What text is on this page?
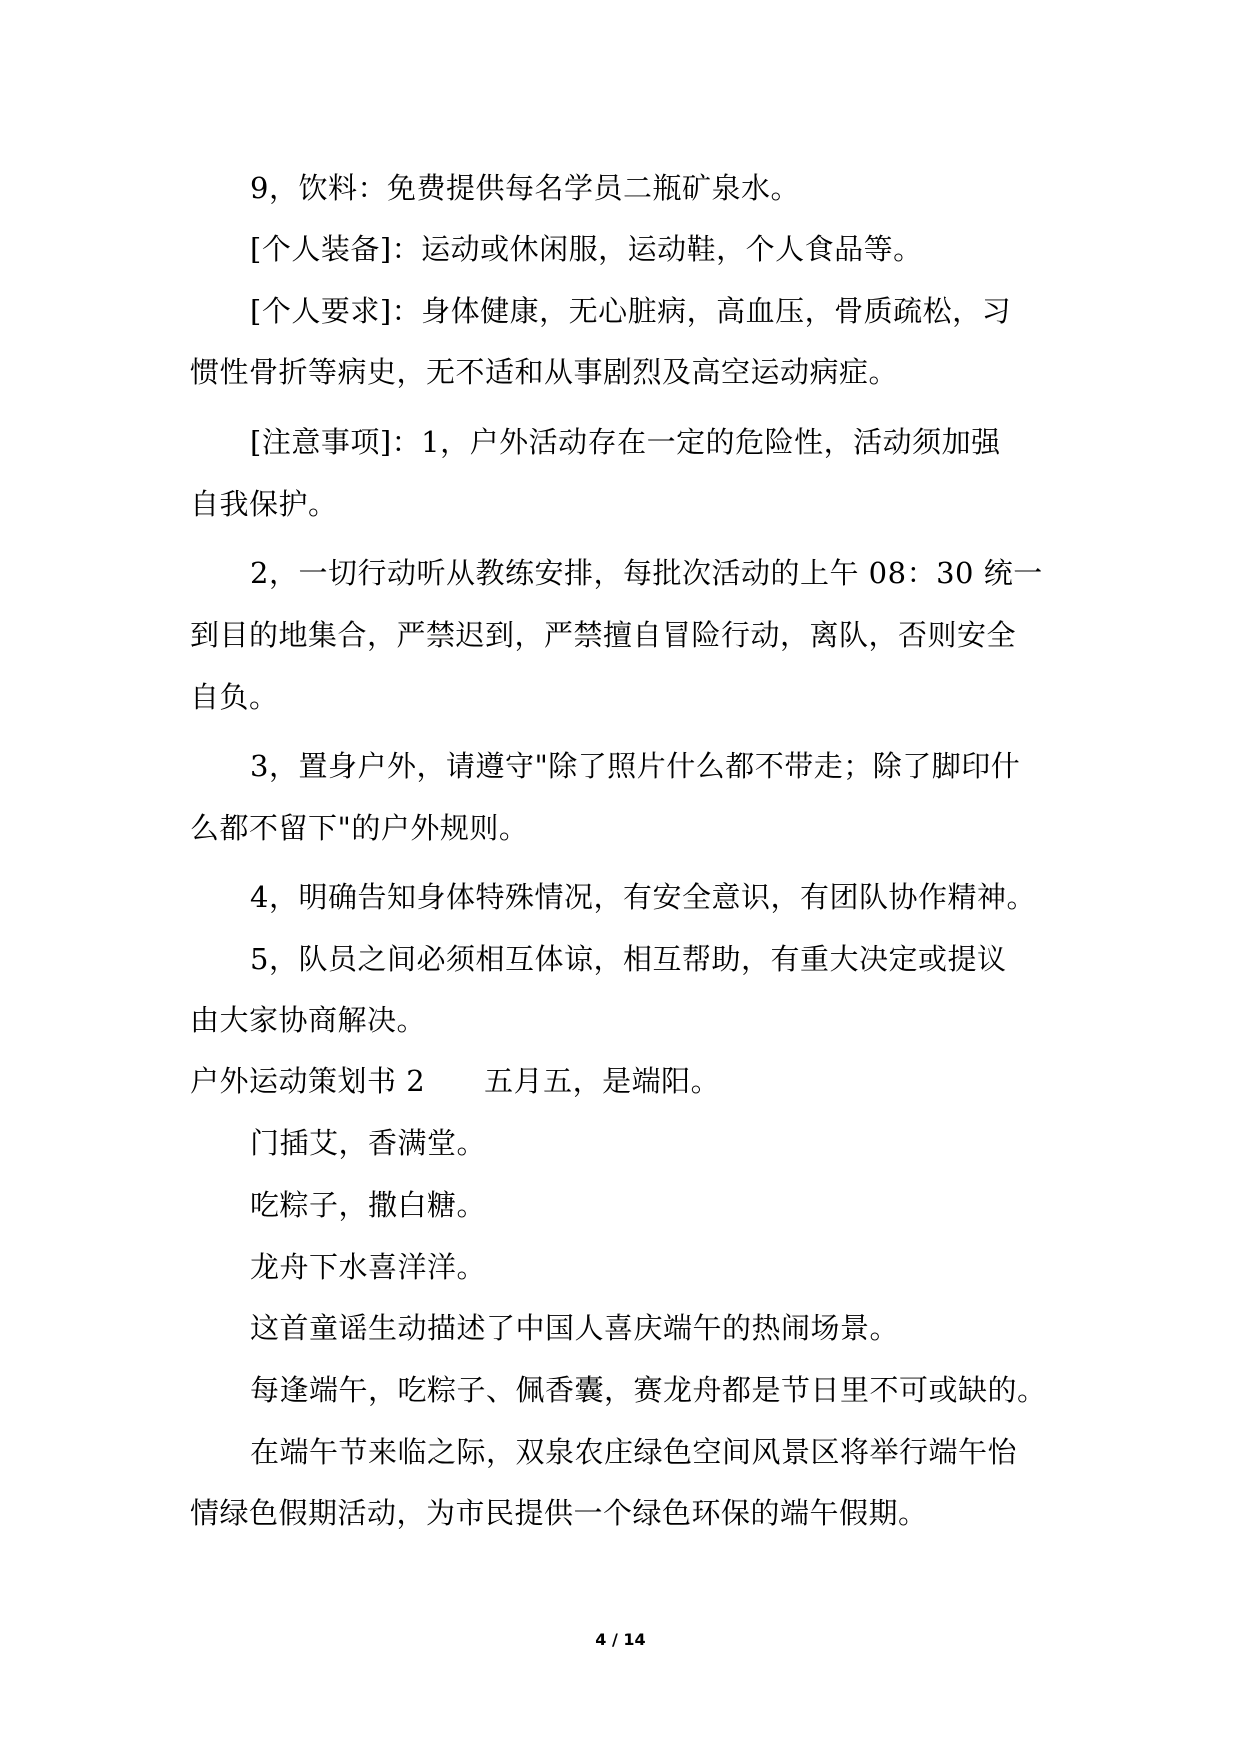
9，饮料：免费提供每名学员二瓶矿泉水。
[个人装备]：运动或休闲服，运动鞋，个人食品等。
[个人要求]：身体健康，无心脏病，高血压，骨质疏松，习
惯性骨折等病史，无不适和从事剧烈及高空运动病症。
[注意事项]：1，户外活动存在一定的危险性，活动须加强
自我保护。
2，一切行动听从教练安排，每批次活动的上午 08：30 统一
到目的地集合，严禁迟到，严禁擅自冒险行动，离队，否则安全
自负。
3，置身户外，请遵守"除了照片什么都不带走；除了脚印什
么都不留下"的户外规则。
4，明确告知身体特殊情况，有安全意识，有团队协作精神。
5，队员之间必须相互体谅，相互帮助，有重大决定或提议
由大家协商解决。
户外运动策划书 2　　五月五，是端阳。
门插艾，香满堂。
吃粽子，撒白糖。
龙舟下水喜洋洋。
这首童谣生动描述了中国人喜庆端午的热闹场景。
每逢端午，吃粽子、佩香囊，赛龙舟都是节日里不可或缺的。
在端午节来临之际，双泉农庄绿色空间风景区将举行端午怡
情绿色假期活动，为市民提供一个绿色环保的端午假期。
4 / 14
